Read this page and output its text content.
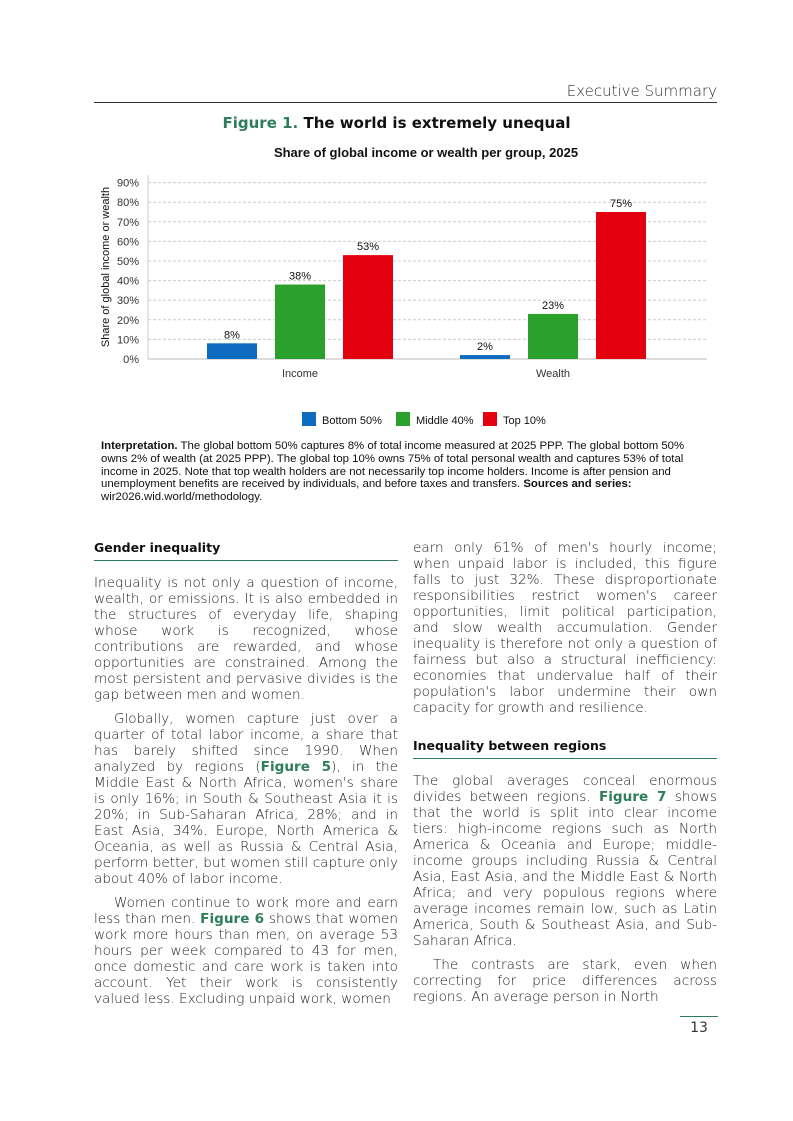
Executive Summary
Figure 1. The world is extremely unequal
Share of global income or wealth per group, 2025
0%
10%
20%
30%
40%
50%
60%
70%
80%
90%
Share of global income or wealth
Income
8%
38%
53%
Wealth
2%
23%
75%
Bottom 50%	Middle 40%	Top 10%
Interpretation. The global bottom 50% captures 8% of total income measured at 2025 PPP. The global bottom 50% owns 2% of wealth (at 2025 PPP). The global top 10% owns 75% of total personal wealth and captures 53% of total income in 2025. Note that top wealth holders are not necessarily top income holders. Income is after pension and unemployment benefits are received by individuals, and before taxes and transfers. Sources and series: wir2026.wid.world/methodology.
Gender inequality

Inequality is not only a question of income, wealth, or emissions. It is also embedded in the structures of everyday life, shaping whose work is recognized, whose contributions are rewarded, and whose opportunities are constrained. Among the most persistent and pervasive divides is the gap between men and women.

Globally, women capture just over a quarter of total labor income, a share that has barely shifted since 1990. When analyzed by regions (Figure 5), in the Middle East & North Africa, women's share is only 16%; in South & Southeast Asia it is 20%; in Sub-Saharan Africa, 28%; and in East Asia, 34%. Europe, North America & Oceania, as well as Russia & Central Asia, perform better, but women still capture only about 40% of labor income.

Women continue to work more and earn less than men. Figure 6 shows that women work more hours than men, on average 53 hours per week compared to 43 for men, once domestic and care work is taken into account. Yet their work is consistently valued less. Excluding unpaid work, women

earn only 61% of men's hourly income; when unpaid labor is included, this figure falls to just 32%. These disproportionate responsibilities restrict women's career opportunities, limit political participation, and slow wealth accumulation. Gender inequality is therefore not only a question of fairness but also a structural inefficiency: economies that undervalue half of their population's labor undermine their own capacity for growth and resilience.

Inequality between regions

The global averages conceal enormous divides between regions. Figure 7 shows that the world is split into clear income tiers: high-income regions such as North America & Oceania and Europe; middle-income groups including Russia & Central Asia, East Asia, and the Middle East & North Africa; and very populous regions where average incomes remain low, such as Latin America, South & Southeast Asia, and Sub-Saharan Africa.

The contrasts are stark, even when correcting for price differences across regions. An average person in North

13
